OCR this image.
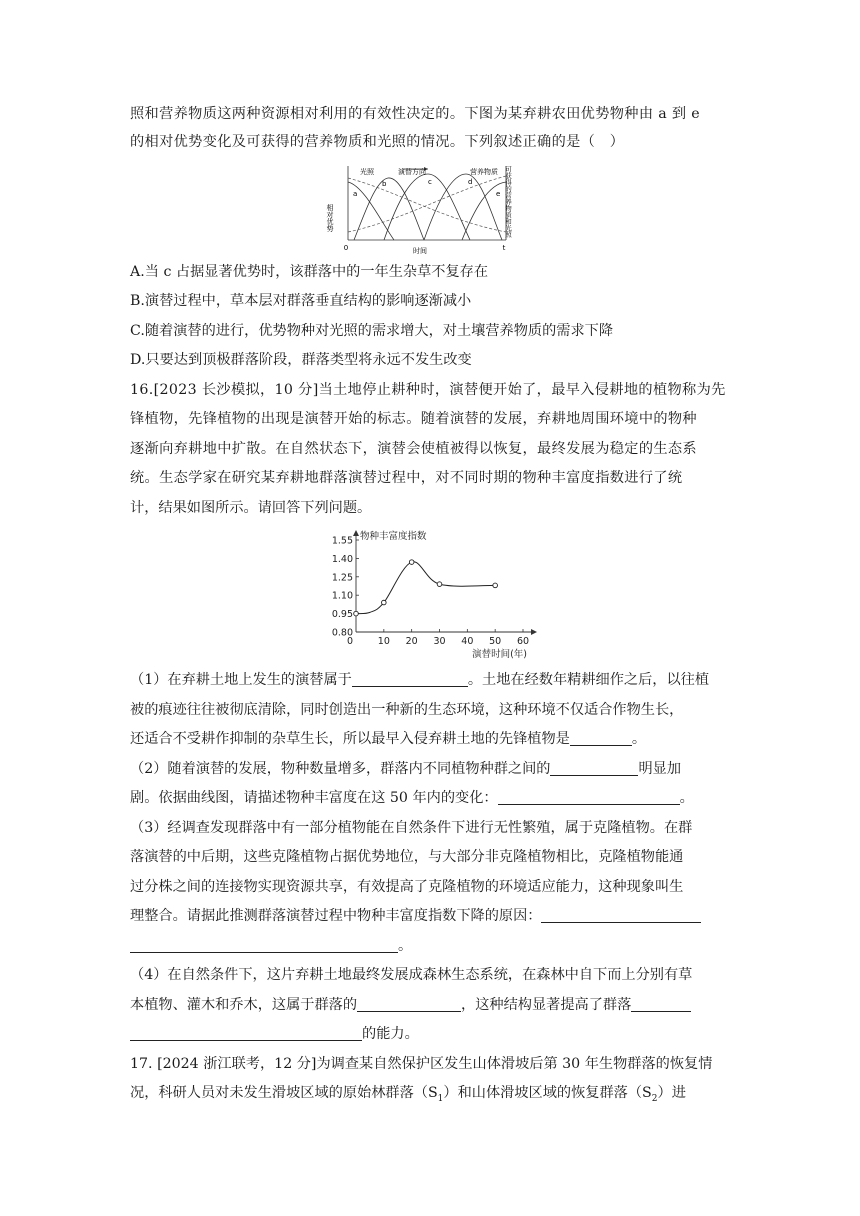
照和营养物质这两种资源相对利用的有效性决定的。下图为某弃耕农田优势物种由 a 到 e
的相对优势变化及可获得的营养物质和光照的情况。下列叙述正确的是（　）
相对优势	可获得的营养物质和光照
时间
0	t
光照	演替方向	营养物质
a
b	c	d
e
A.当 c 占据显著优势时，该群落中的一年生杂草不复存在
B.演替过程中，草本层对群落垂直结构的影响逐渐减小
C.随着演替的进行，优势物种对光照的需求增大，对土壤营养物质的需求下降
D.只要达到顶极群落阶段，群落类型将永远不发生改变
16.[2023 长沙模拟，10 分]当土地停止耕种时，演替便开始了，最早入侵耕地的植物称为先
锋植物，先锋植物的出现是演替开始的标志。随着演替的发展，弃耕地周围环境中的物种
逐渐向弃耕地中扩散。在自然状态下，演替会使植被得以恢复，最终发展为稳定的生态系
统。生态学家在研究某弃耕地群落演替过程中，对不同时期的物种丰富度指数进行了统
计，结果如图所示。请回答下列问题。
0.80
0.95
1.10
1.25
1.40
1.55
0	10 20 30 40 50 60
物种丰富度指数
演替时间(年)
（1）在弃耕土地上发生的演替属于	。土地在经数年精耕细作之后，以往植
被的痕迹往往被彻底清除，同时创造出一种新的生态环境，这种环境不仅适合作物生长，
还适合不受耕作抑制的杂草生长，所以最早入侵弃耕土地的先锋植物是	。
（2）随着演替的发展，物种数量增多，群落内不同植物种群之间的	明显加
剧。依据曲线图，请描述物种丰富度在这 50 年内的变化：	。
（3）经调查发现群落中有一部分植物能在自然条件下进行无性繁殖，属于克隆植物。在群
落演替的中后期，这些克隆植物占据优势地位，与大部分非克隆植物相比，克隆植物能通
过分株之间的连接物实现资源共享，有效提高了克隆植物的环境适应能力，这种现象叫生
理整合。请据此推测群落演替过程中物种丰富度指数下降的原因：
。
（4）在自然条件下，这片弃耕土地最终发展成森林生态系统，在森林中自下而上分别有草
本植物、灌木和乔木，这属于群落的	，这种结构显著提高了群落
的能力。
17. [2024 浙江联考，12 分]为调查某自然保护区发生山体滑坡后第 30 年生物群落的恢复情
况，科研人员对未发生滑坡区域的原始林群落$(S_1)$和山体滑坡区域的恢复群落$(S_2)$进
